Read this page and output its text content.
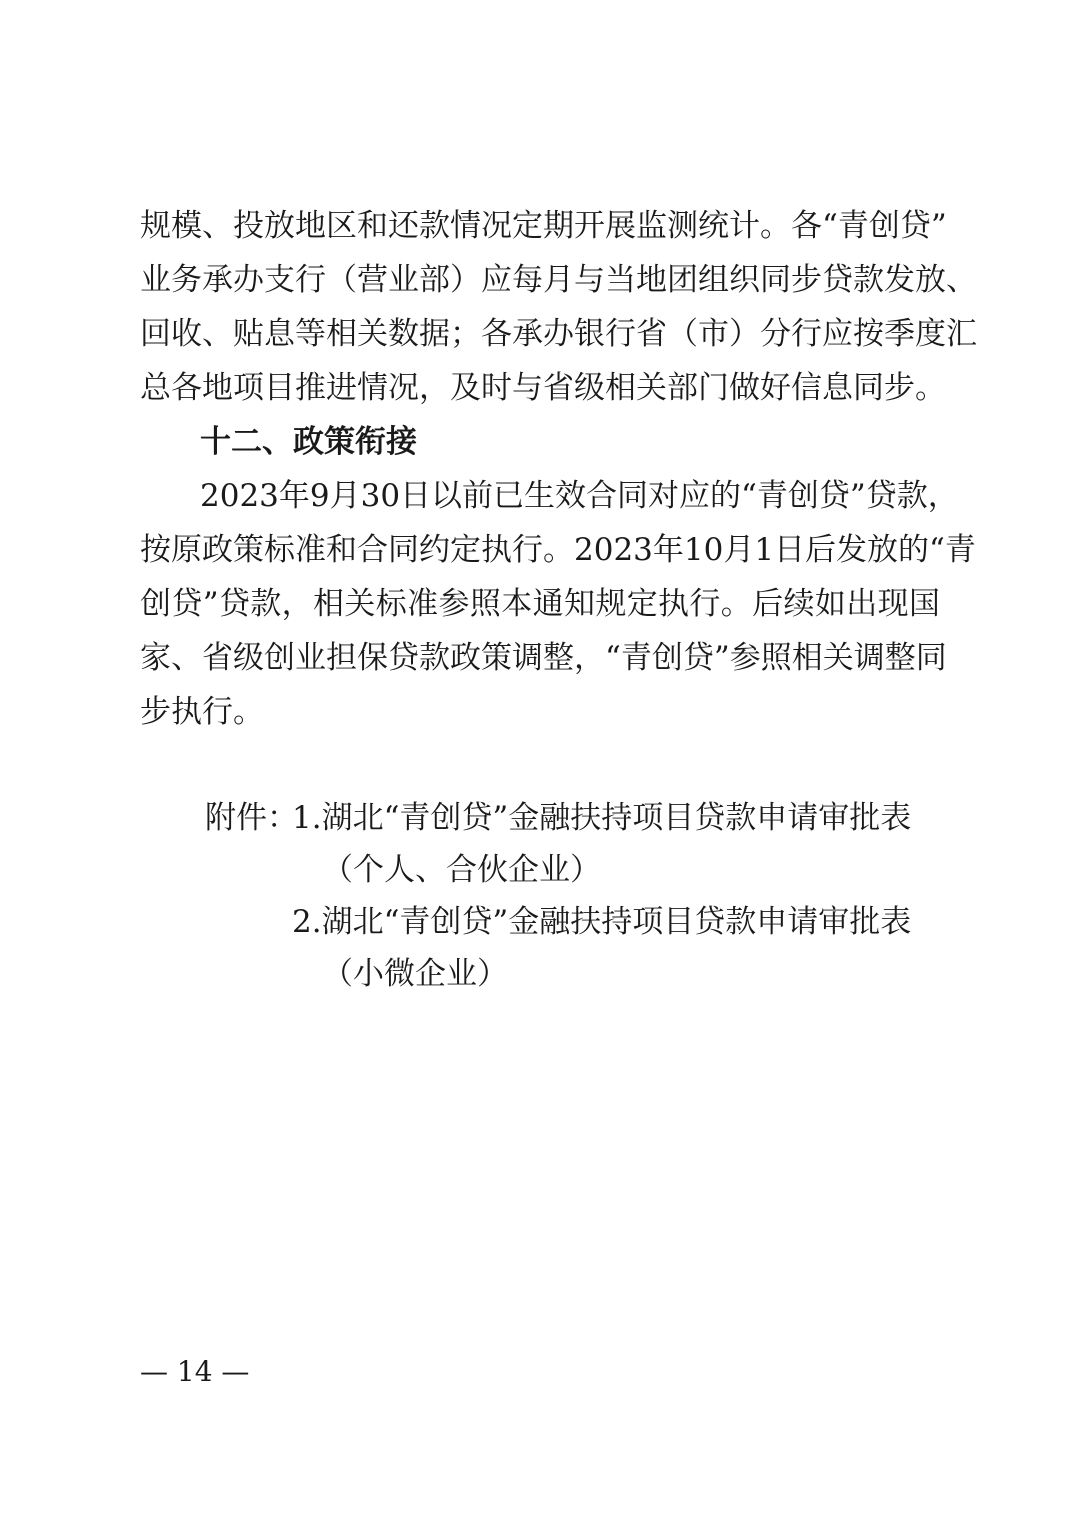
规模、投放地区和还款情况定期开展监测统计。各“青创贷”
业务承办支行（营业部）应每月与当地团组织同步贷款发放、
回收、贴息等相关数据；各承办银行省（市）分行应按季度汇
总各地项目推进情况，及时与省级相关部门做好信息同步。
十二、政策衔接
2023年9月30日以前已生效合同对应的“青创贷”贷款，
按原政策标准和合同约定执行。2023年10月1日后发放的“青
创贷”贷款，相关标准参照本通知规定执行。后续如出现国
家、省级创业担保贷款政策调整，“青创贷”参照相关调整同
步执行。
附件：
1.湖北“青创贷”金融扶持项目贷款申请审批表
（个人、合伙企业）
2.湖北“青创贷”金融扶持项目贷款申请审批表
（小微企业）
— 14 —
